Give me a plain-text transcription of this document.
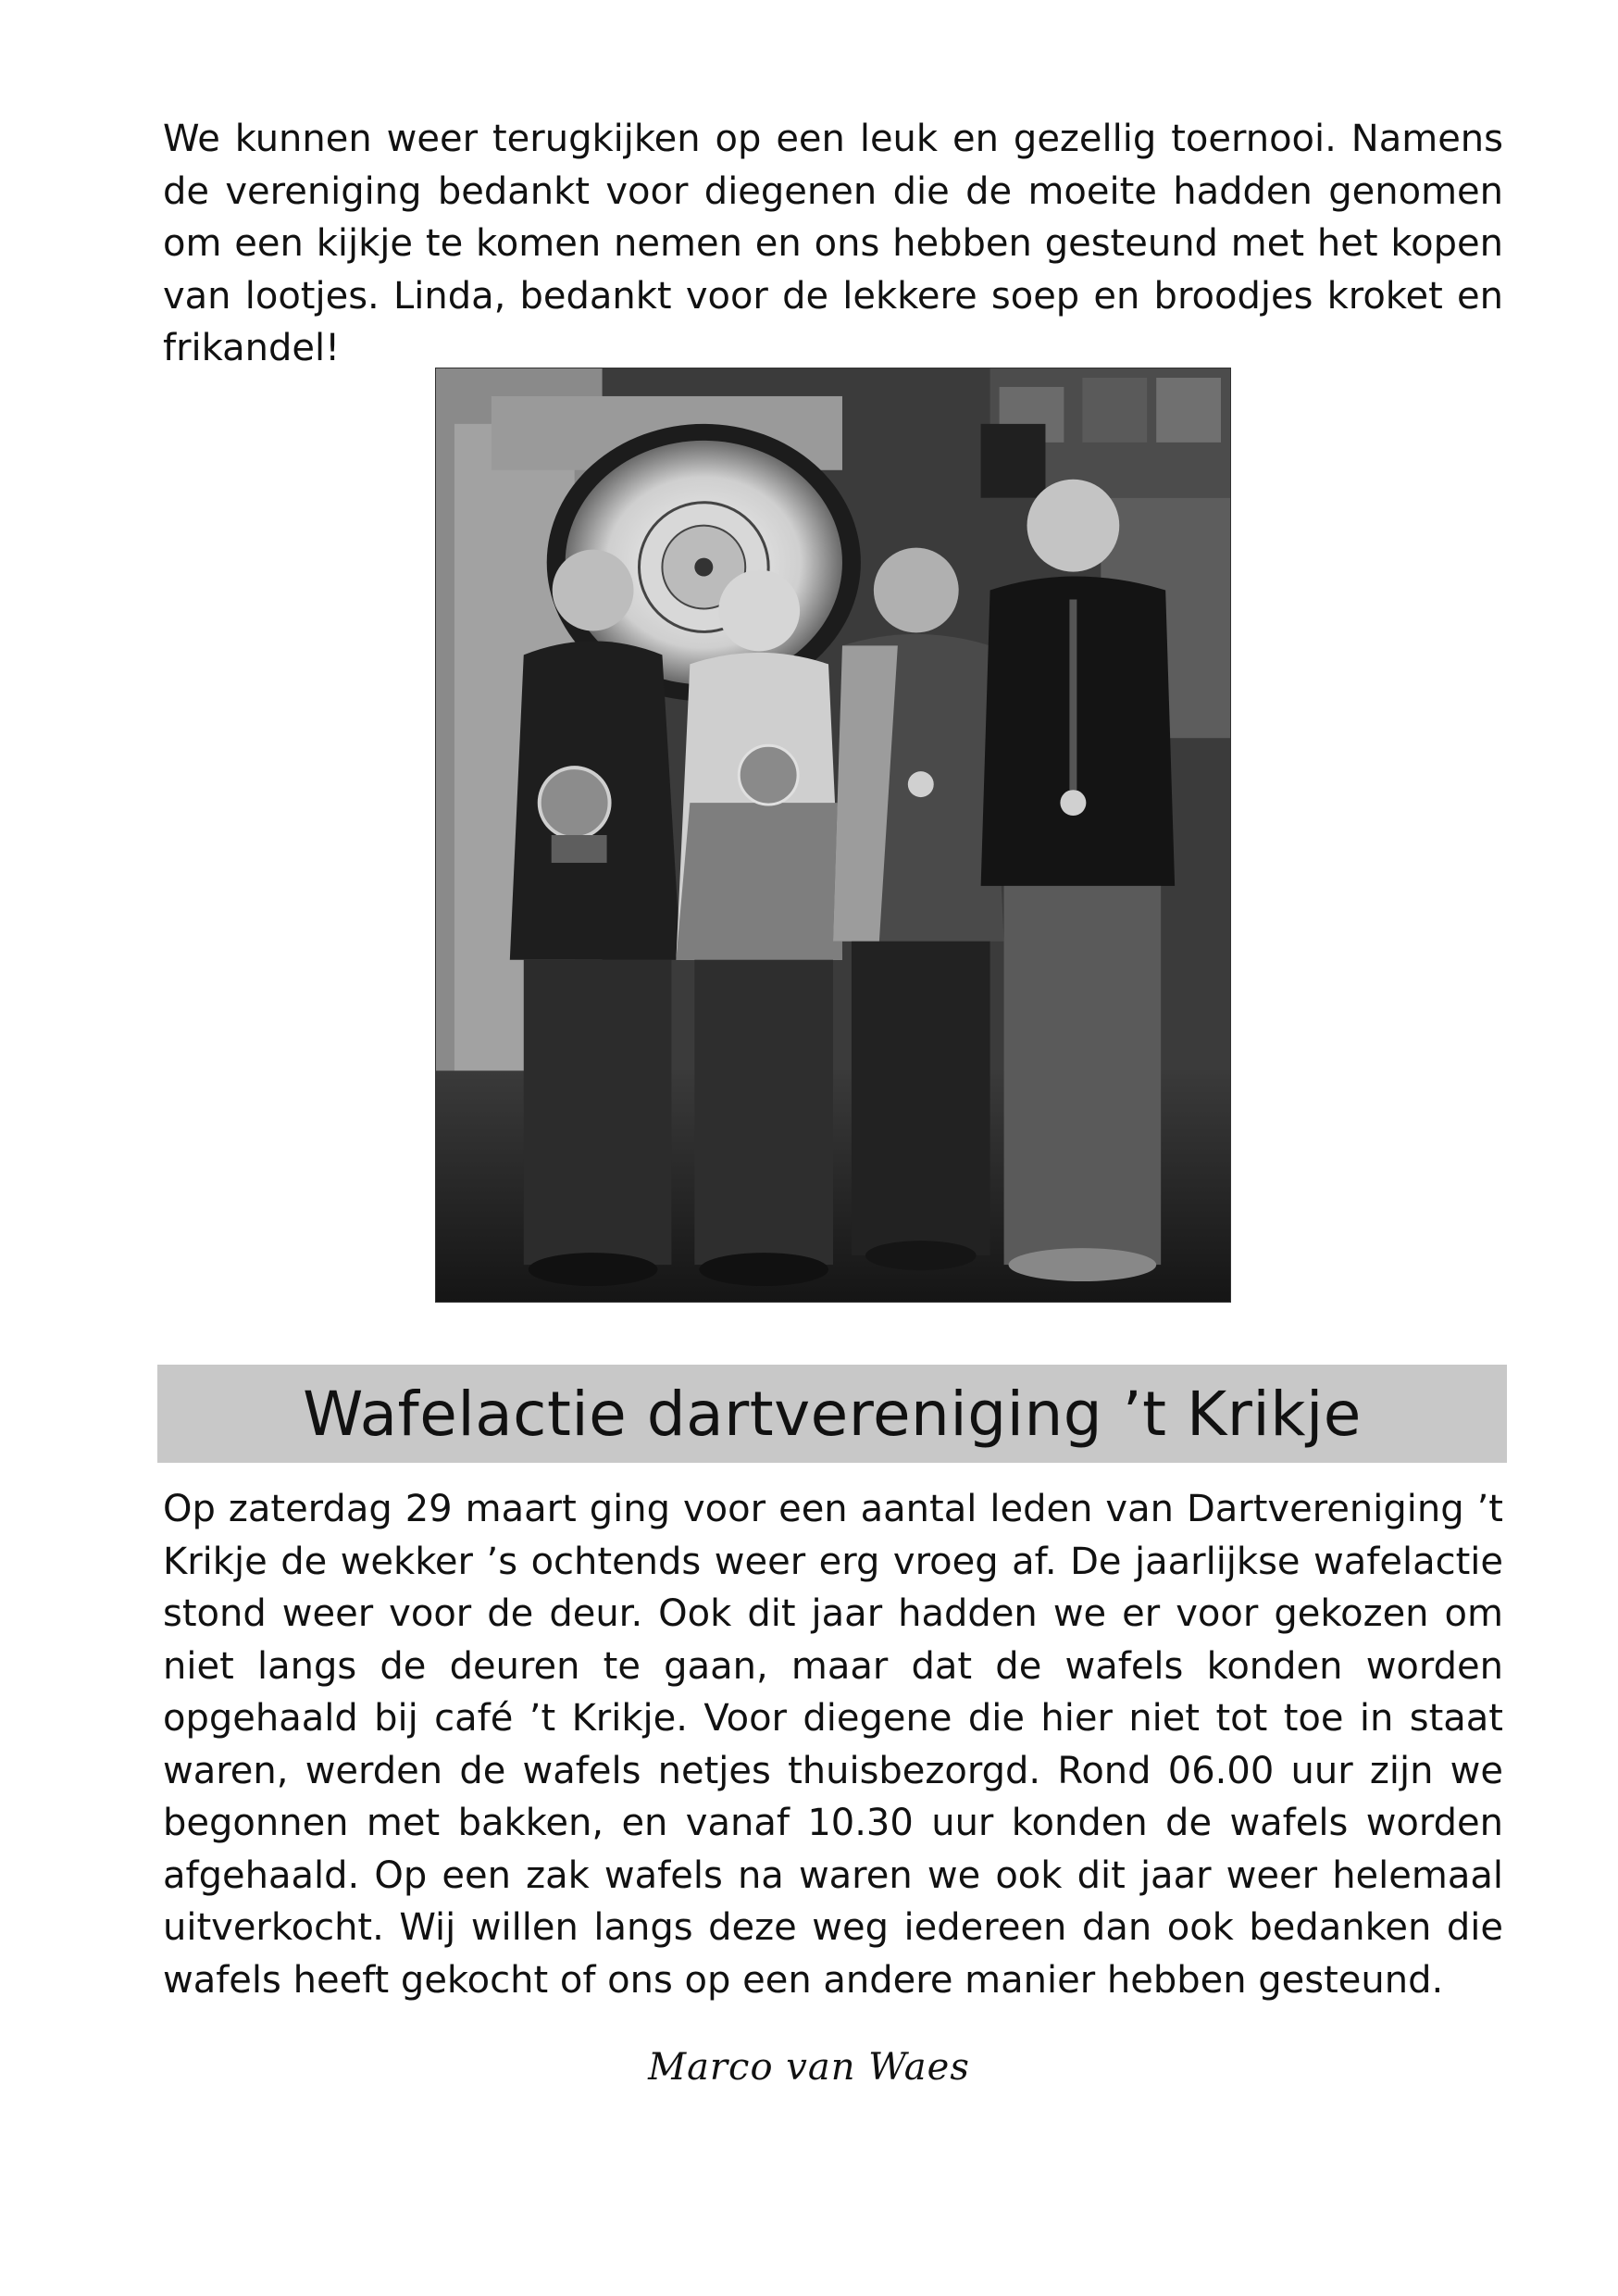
We kunnen weer terugkijken op een leuk en gezellig toernooi. Namens de vereniging bedankt voor diegenen die de moeite hadden genomen om een kijkje te komen nemen en ons hebben gesteund met het kopen van lootjes. Linda, bedankt voor de lekkere soep en broodjes kroket en frikandel!

Wafelactie dartvereniging ’t Krikje

Op zaterdag 29 maart ging voor een aantal leden van Dartvereniging ’t Krikje de wekker ’s ochtends weer erg vroeg af. De jaarlijkse wafelactie stond weer voor de deur. Ook dit jaar hadden we er voor gekozen om niet langs de deuren te gaan, maar dat de wafels konden worden opgehaald bij café ’t Krikje. Voor diegene die hier niet tot toe in staat waren, werden de wafels netjes thuisbezorgd. Rond 06.00 uur zijn we begonnen met bakken, en vanaf 10.30 uur konden de wafels worden afgehaald. Op een zak wafels na waren we ook dit jaar weer helemaal uitverkocht. Wij willen langs deze weg iedereen dan ook bedanken die wafels heeft gekocht of ons op een andere manier hebben gesteund.

Marco van Waes
